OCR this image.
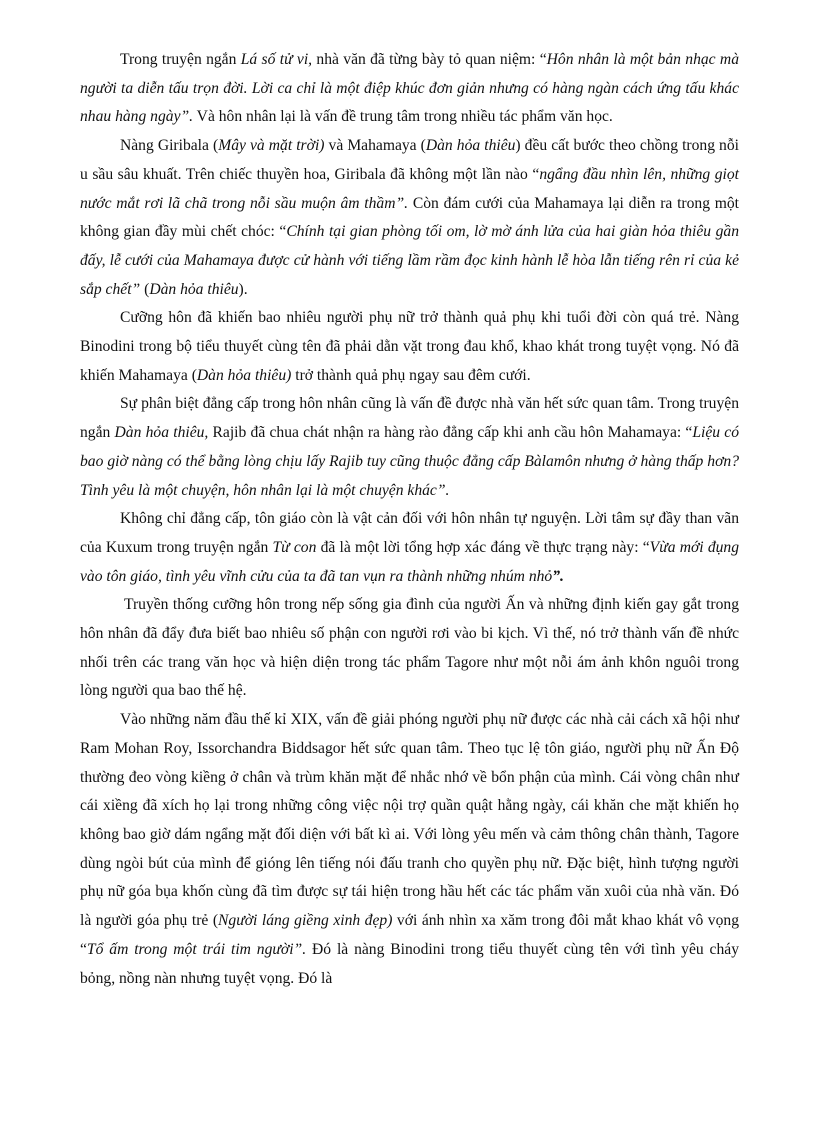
Trong truyện ngắn Lá số tử vi, nhà văn đã từng bày tỏ quan niệm: “Hôn nhân là một bản nhạc mà người ta diễn tấu trọn đời. Lời ca chỉ là một điệp khúc đơn giản nhưng có hàng ngàn cách ứng tấu khác nhau hàng ngày”. Và hôn nhân lại là vấn đề trung tâm trong nhiều tác phẩm văn học.

Nàng Giribala (Mây và mặt trời) và Mahamaya (Dàn hỏa thiêu) đều cất bước theo chồng trong nỗi u sầu sâu khuất. Trên chiếc thuyền hoa, Giribala đã không một lần nào “ngẩng đầu nhìn lên, những giọt nước mắt rơi lã chã trong nỗi sầu muộn âm thầm”. Còn đám cưới của Mahamaya lại diễn ra trong một không gian đầy mùi chết chóc: “Chính tại gian phòng tối om, lờ mờ ánh lửa của hai giàn hỏa thiêu gần đấy, lễ cưới của Mahamaya được cử hành với tiếng lầm rầm đọc kinh hành lễ hòa lẫn tiếng rên rỉ của kẻ sắp chết” (Dàn hỏa thiêu).

Cưỡng hôn đã khiến bao nhiêu người phụ nữ trở thành quả phụ khi tuổi đời còn quá trẻ. Nàng Binodini trong bộ tiểu thuyết cùng tên đã phải dằn vặt trong đau khổ, khao khát trong tuyệt vọng. Nó đã khiến Mahamaya (Dàn hỏa thiêu) trở thành quả phụ ngay sau đêm cưới.

Sự phân biệt đẳng cấp trong hôn nhân cũng là vấn đề được nhà văn hết sức quan tâm. Trong truyện ngắn Dàn hỏa thiêu, Rajib đã chua chát nhận ra hàng rào đẳng cấp khi anh cầu hôn Mahamaya: “Liệu có bao giờ nàng có thể bằng lòng chịu lấy Rajib tuy cũng thuộc đẳng cấp Bàlamôn nhưng ở hàng thấp hơn? Tình yêu là một chuyện, hôn nhân lại là một chuyện khác”.

Không chỉ đẳng cấp, tôn giáo còn là vật cản đối với hôn nhân tự nguyện. Lời tâm sự đầy than vãn của Kuxum trong truyện ngắn Từ con đã là một lời tổng hợp xác đáng về thực trạng này: “Vừa mới đụng vào tôn giáo, tình yêu vĩnh cửu của ta đã tan vụn ra thành những nhúm nhỏ”.

Truyền thống cưỡng hôn trong nếp sống gia đình của người Ấn và những định kiến gay gắt trong hôn nhân đã đẩy đưa biết bao nhiêu số phận con người rơi vào bi kịch. Vì thế, nó trở thành vấn đề nhức nhối trên các trang văn học và hiện diện trong tác phẩm Tagore như một nỗi ám ảnh khôn nguôi trong lòng người qua bao thế hệ.

Vào những năm đầu thế kỉ XIX, vấn đề giải phóng người phụ nữ được các nhà cải cách xã hội như Ram Mohan Roy, Issorchandra Biddsagor hết sức quan tâm. Theo tục lệ tôn giáo, người phụ nữ Ấn Độ thường đeo vòng kiềng ở chân và trùm khăn mặt để nhắc nhớ về bổn phận của mình. Cái vòng chân như cái xiềng đã xích họ lại trong những công việc nội trợ quần quật hằng ngày, cái khăn che mặt khiến họ không bao giờ dám ngẩng mặt đối diện với bất kì ai. Với lòng yêu mến và cảm thông chân thành, Tagore dùng ngòi bút của mình để gióng lên tiếng nói đấu tranh cho quyền phụ nữ. Đặc biệt, hình tượng người phụ nữ góa bụa khốn cùng đã tìm được sự tái hiện trong hầu hết các tác phẩm văn xuôi của nhà văn. Đó là người góa phụ trẻ (Người láng giềng xinh đẹp) với ánh nhìn xa xăm trong đôi mắt khao khát vô vọng “Tổ ấm trong một trái tim người”. Đó là nàng Binodini trong tiểu thuyết cùng tên với tình yêu cháy bỏng, nồng nàn nhưng tuyệt vọng. Đó là
